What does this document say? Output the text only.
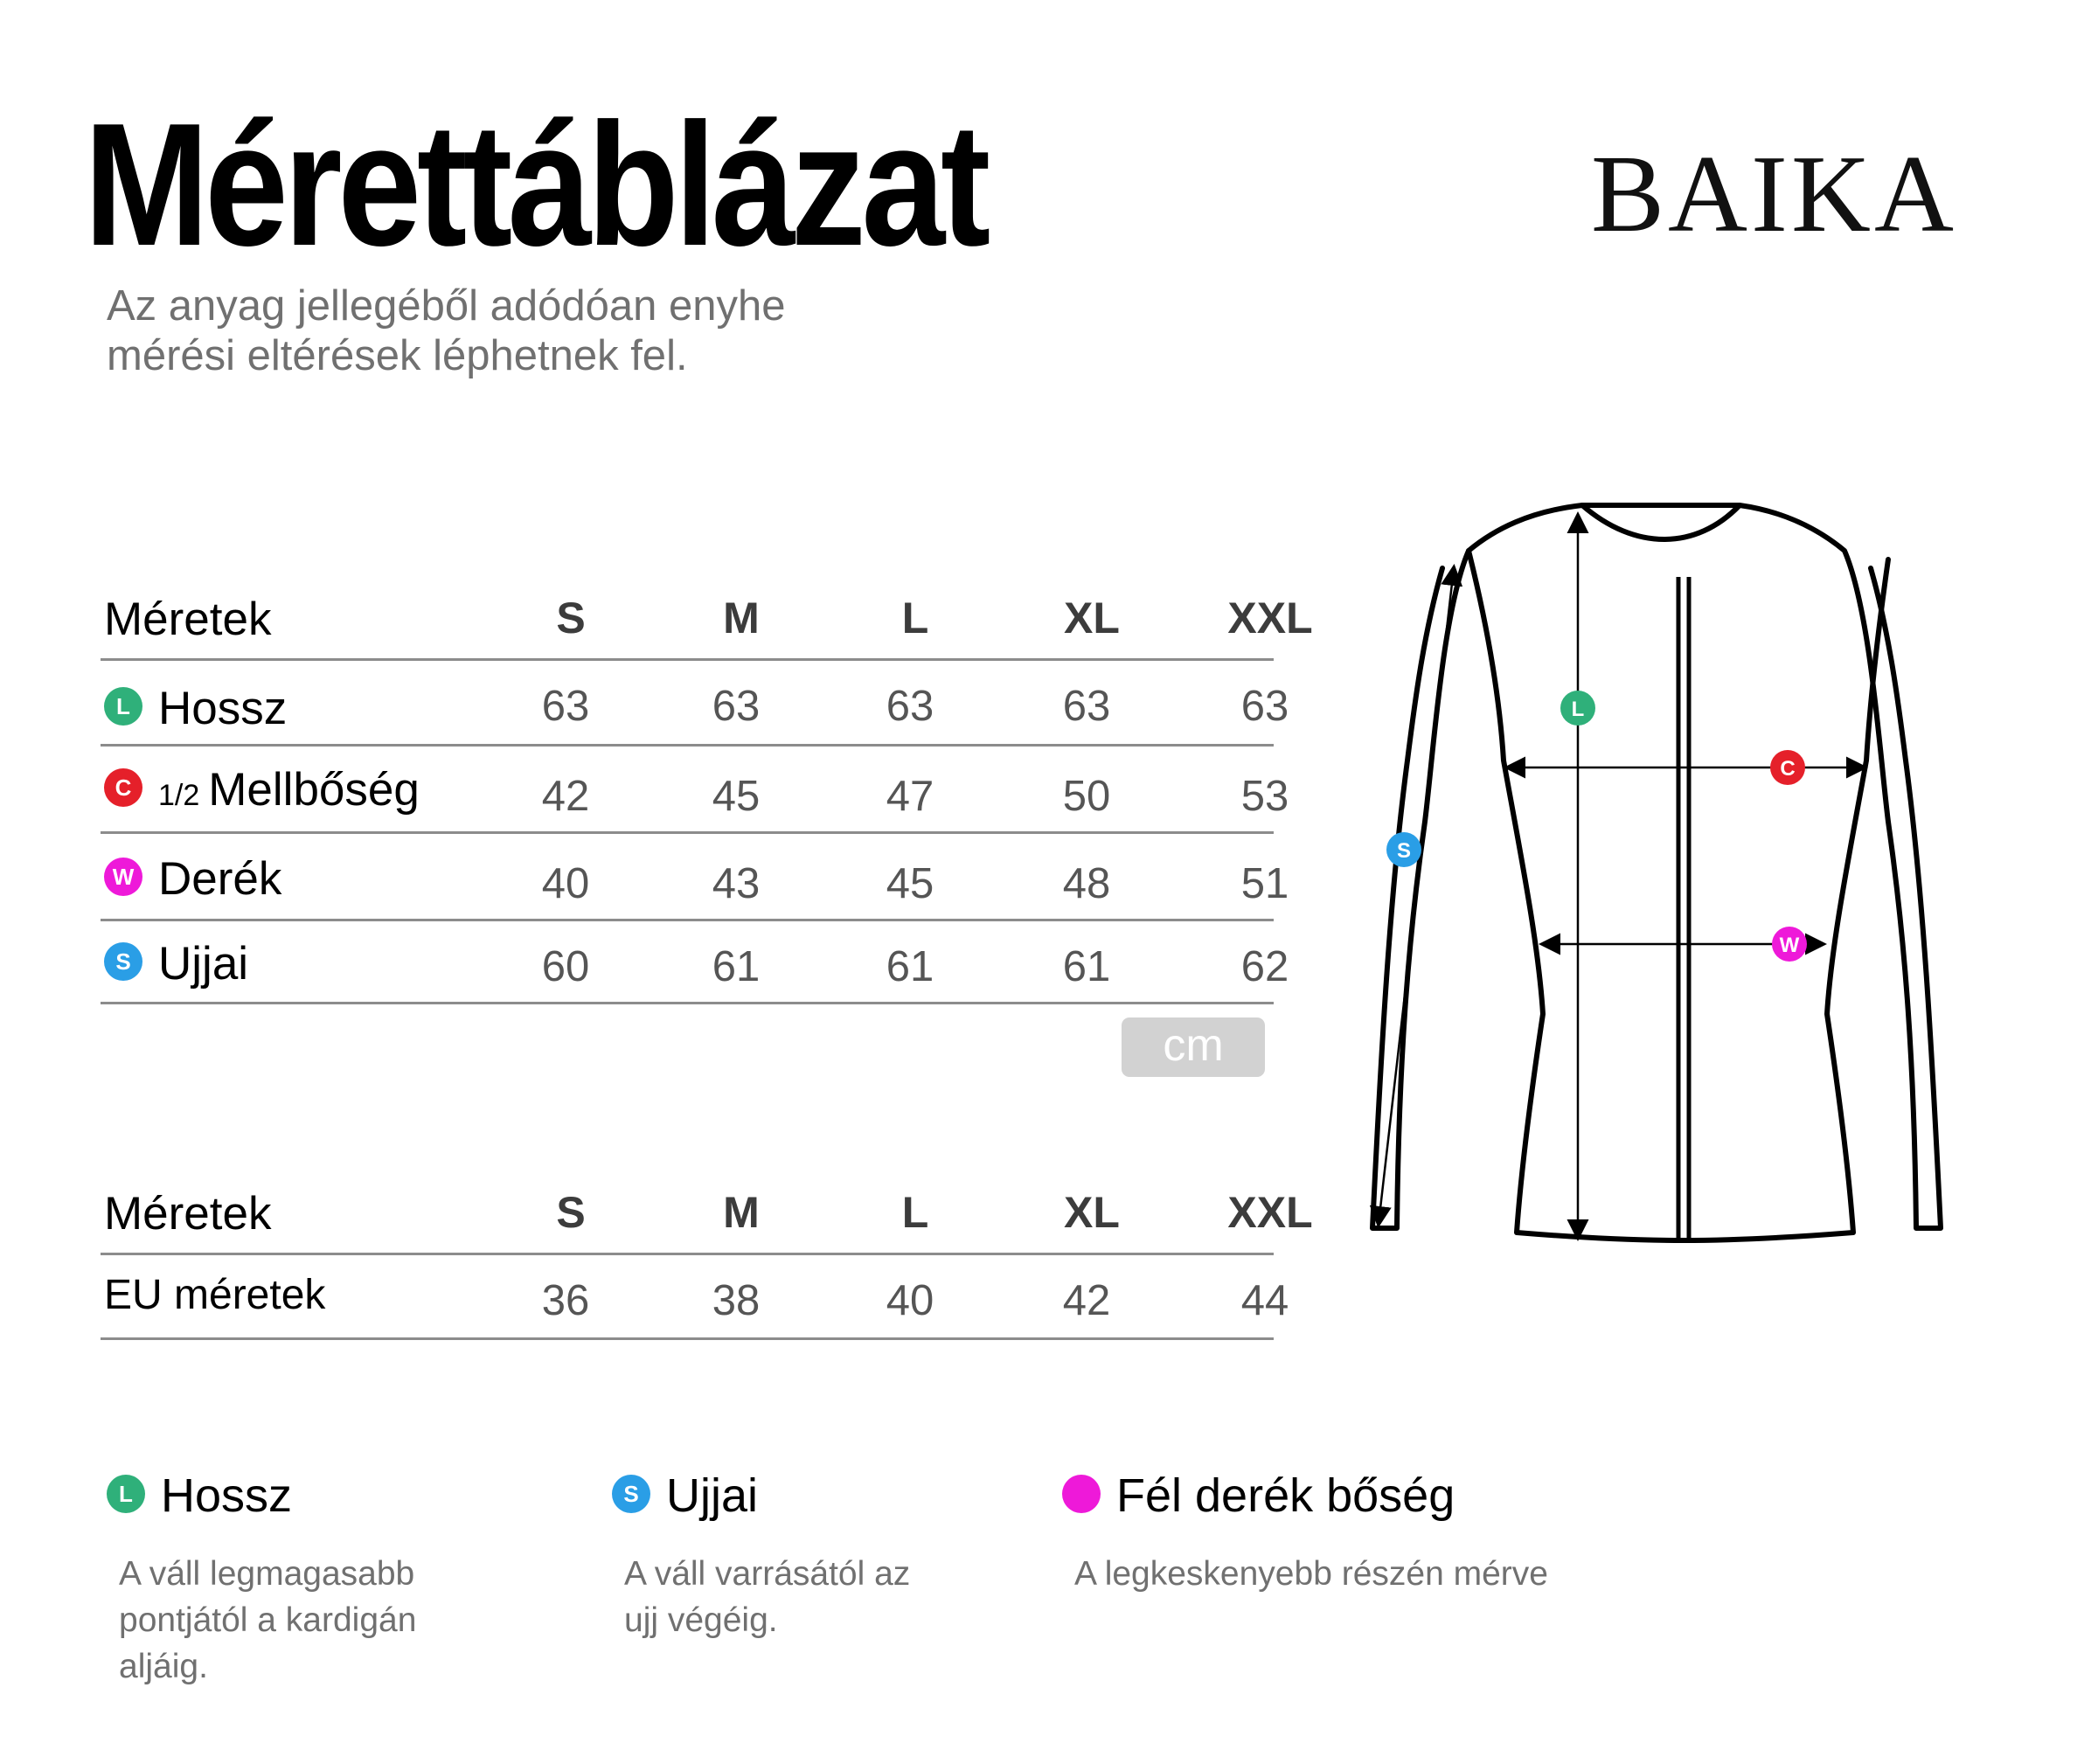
Mérettáblázat	BAIKA
Az anyag jellegéből adódóan enyhe
mérési eltérések léphetnek fel.
Méretek	S	M	L	XL	XXL
L Hossz	63	63	63	63	63
C 1/2 Mellbőség	42	45	47	50	53
W Derék	40	43	45	48	51
S Ujjai	60	61	61	61	62
cm
Méretek	S	M	L	XL	XXL
EU méretek	36	38	40	42	44
L
C
W
S
L Hossz
A váll legmagasabb
pontjától a kardigán
aljáig.
S Ujjai
A váll varrásától az
ujj végéig.
Fél derék bőség
A legkeskenyebb részén mérve
